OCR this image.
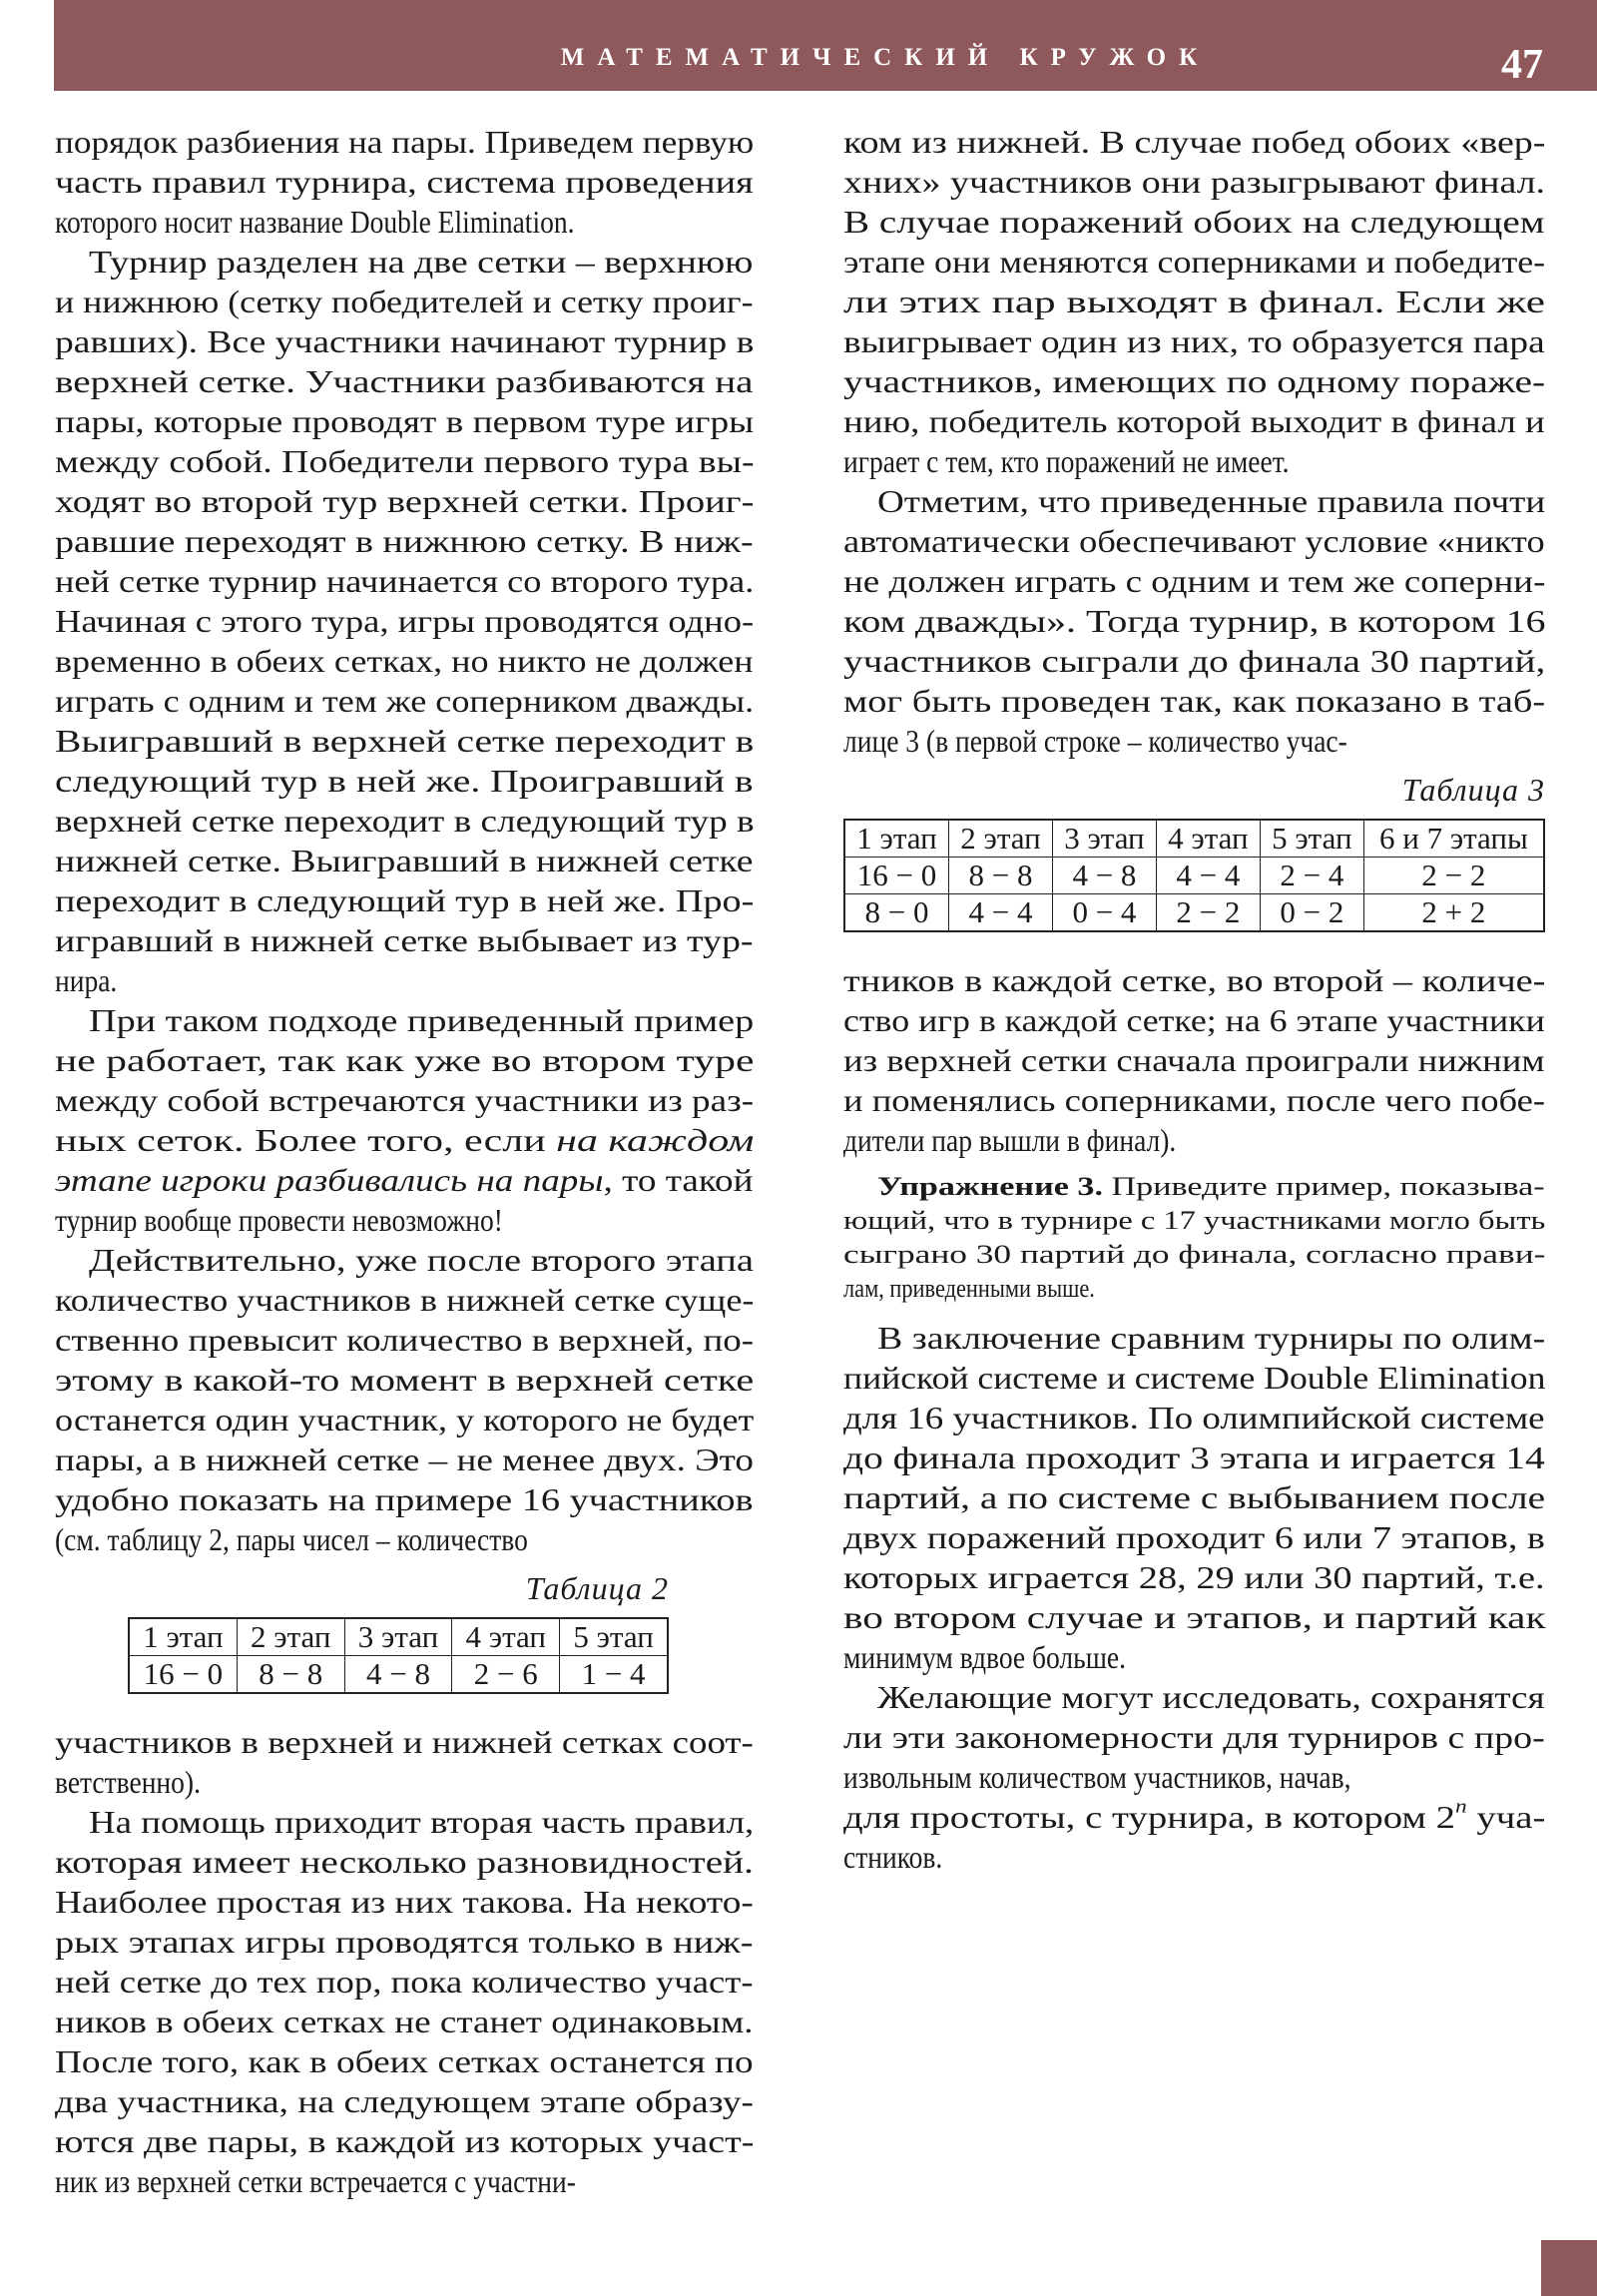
МАТЕМАТИЧЕСКИЙ КРУЖОК	47
порядок разбиения на пары. Приведем первую
часть правил турнира, система проведения
которого носит название Double Elimination.
Турнир разделен на две сетки – верхнюю
и нижнюю (сетку победителей и сетку проиг-
равших). Все участники начинают турнир в
верхней сетке. Участники разбиваются на
пары, которые проводят в первом туре игры
между собой. Победители первого тура вы-
ходят во второй тур верхней сетки. Проиг-
равшие переходят в нижнюю сетку. В ниж-
ней сетке турнир начинается со второго тура.
Начиная с этого тура, игры проводятся одно-
временно в обеих сетках, но никто не должен
играть с одним и тем же соперником дважды.
Выигравший в верхней сетке переходит в
следующий тур в ней же. Проигравший в
верхней сетке переходит в следующий тур в
нижней сетке. Выигравший в нижней сетке
переходит в следующий тур в ней же. Про-
игравший в нижней сетке выбывает из тур-
нира.
При таком подходе приведенный пример
не работает, так как уже во втором туре
между собой встречаются участники из раз-
ных сеток. Более того, если на каждом
этапе игроки разбивались на пары, то такой
турнир вообще провести невозможно!
Действительно, уже после второго этапа
количество участников в нижней сетке суще-
ственно превысит количество в верхней, по-
этому в какой-то момент в верхней сетке
останется один участник, у которого не будет
пары, а в нижней сетке – не менее двух. Это
удобно показать на примере 16 участников
(см. таблицу 2, пары чисел – количество
Таблица 2
1 этап	2 этап	3 этап	4 этап	5 этап
16 − 0	8 − 8	4 − 8	2 − 6	1 − 4
участников в верхней и нижней сетках соот-
ветственно).
На помощь приходит вторая часть правил,
которая имеет несколько разновидностей.
Наиболее простая из них такова. На некото-
рых этапах игры проводятся только в ниж-
ней сетке до тех пор, пока количество участ-
ников в обеих сетках не станет одинаковым.
После того, как в обеих сетках останется по
два участника, на следующем этапе образу-
ются две пары, в каждой из которых участ-
ник из верхней сетки встречается с участни-
ком из нижней. В случае побед обоих «вер-
хних» участников они разыгрывают финал.
В случае поражений обоих на следующем
этапе они меняются соперниками и победите-
ли этих пар выходят в финал. Если же
выигрывает один из них, то образуется пара
участников, имеющих по одному пораже-
нию, победитель которой выходит в финал и
играет с тем, кто поражений не имеет.
Отметим, что приведенные правила почти
автоматически обеспечивают условие «никто
не должен играть с одним и тем же соперни-
ком дважды». Тогда турнир, в котором 16
участников сыграли до финала 30 партий,
мог быть проведен так, как показано в таб-
лице 3 (в первой строке – количество учас-
Таблица 3
1 этап	2 этап	3 этап	4 этап	5 этап	6 и 7 этапы
16 − 0	8 − 8	4 − 8	4 − 4	2 − 4	2 − 2
8 − 0	4 − 4	0 − 4	2 − 2	0 − 2	2 + 2
тников в каждой сетке, во второй – количе-
ство игр в каждой сетке; на 6 этапе участники
из верхней сетки сначала проиграли нижним
и поменялись соперниками, после чего побе-
дители пар вышли в финал).
Упражнение 3. Приведите пример, показыва-
ющий, что в турнире с 17 участниками могло быть
сыграно 30 партий до финала, согласно прави-
лам, приведенными выше.
В заключение сравним турниры по олим-
пийской системе и системе Double Elimination
для 16 участников. По олимпийской системе
до финала проходит 3 этапа и играется 14
партий, а по системе с выбыванием после
двух поражений проходит 6 или 7 этапов, в
которых играется 28, 29 или 30 партий, т.е.
во втором случае и этапов, и партий как
минимум вдвое больше.
Желающие могут исследовать, сохранятся
ли эти закономерности для турниров с про-
извольным количеством участников, начав,
для простоты, с турнира, в котором 2$^n$ уча-
стников.
